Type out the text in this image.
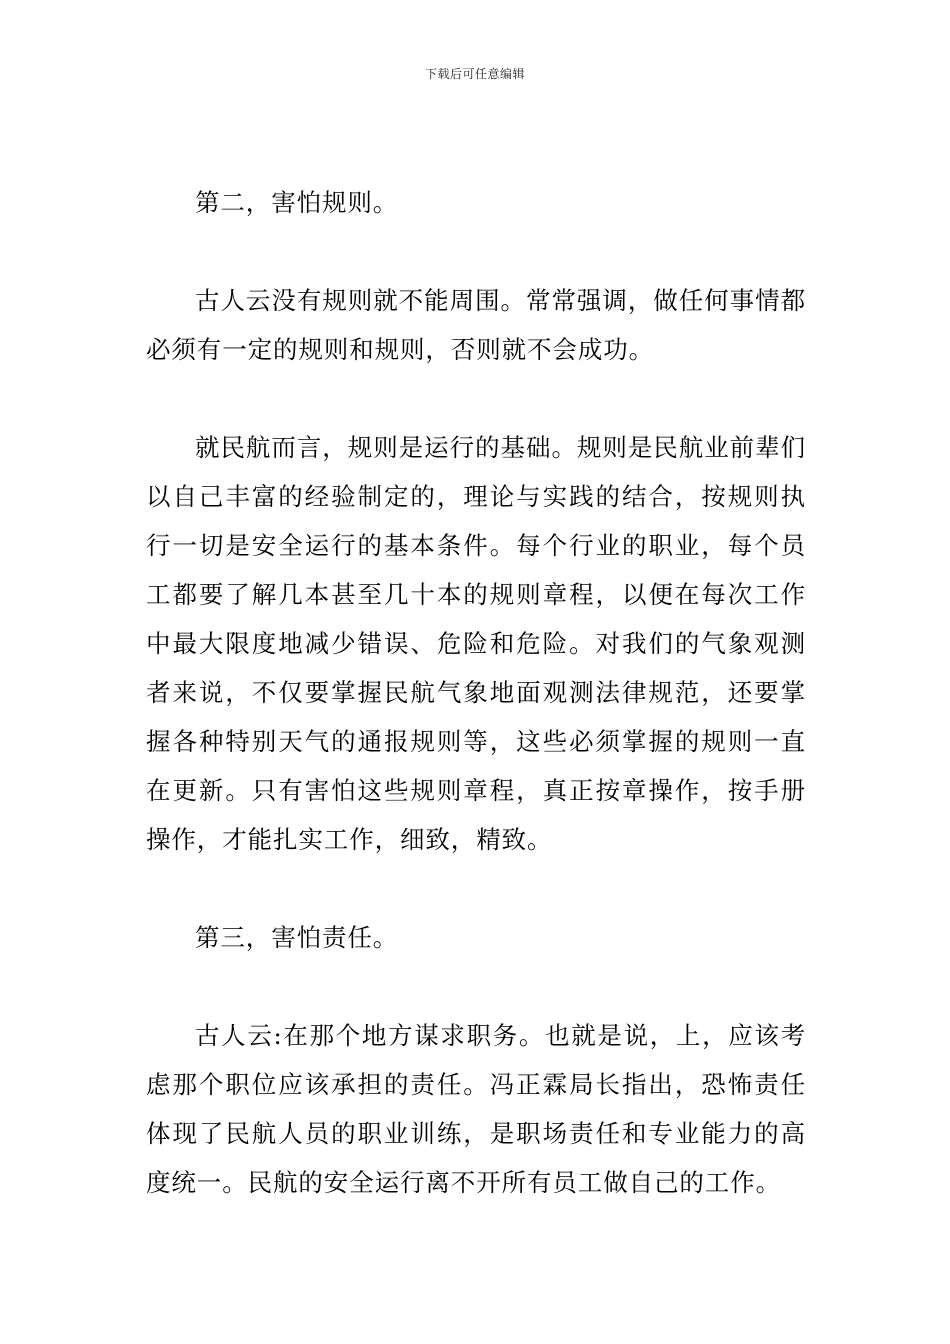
下载后可任意编辑

第二，害怕规则。

古人云没有规则就不能周围。常常强调，做任何事情都必须有一定的规则和规则，否则就不会成功。

就民航而言，规则是运行的基础。规则是民航业前辈们以自己丰富的经验制定的，理论与实践的结合，按规则执行一切是安全运行的基本条件。每个行业的职业，每个员工都要了解几本甚至几十本的规则章程，以便在每次工作中最大限度地减少错误、危险和危险。对我们的气象观测者来说，不仅要掌握民航气象地面观测法律规范，还要掌握各种特别天气的通报规则等，这些必须掌握的规则一直在更新。只有害怕这些规则章程，真正按章操作，按手册操作，才能扎实工作，细致，精致。

第三，害怕责任。

古人云:在那个地方谋求职务。也就是说，上，应该考虑那个职位应该承担的责任。冯正霖局长指出，恐怖责任体现了民航人员的职业训练，是职场责任和专业能力的高度统一。民航的安全运行离不开所有员工做自己的工作。
